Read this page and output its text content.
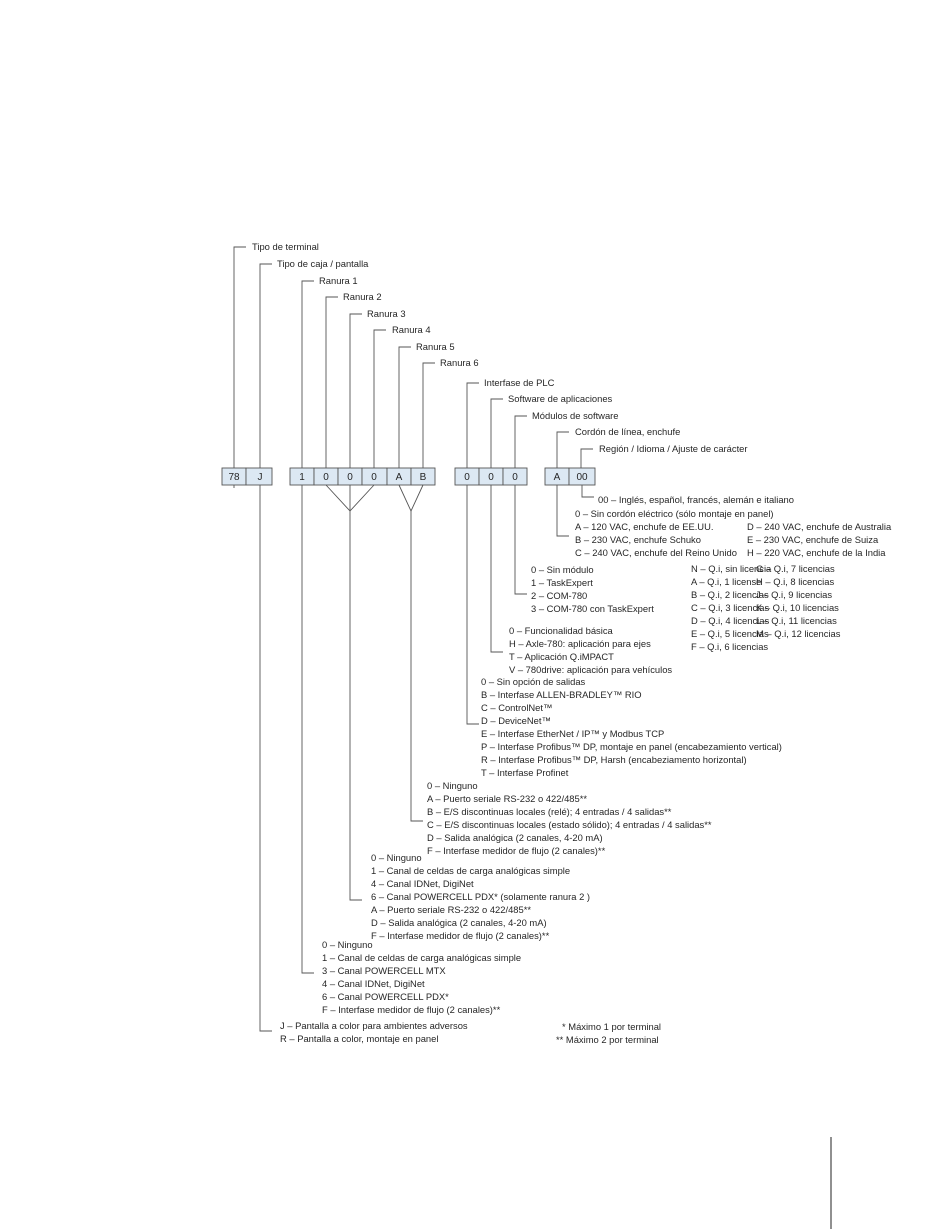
Tipo de terminal
Tipo de caja / pantalla
Ranura 1
Ranura 2
Ranura 3
Ranura 4
Ranura 5
Ranura 6
Interfase de PLC
Software de aplicaciones
Módulos de software
Cordón de línea, enchufe
Región / Idioma / Ajuste de carácter
78 J	1 0 0 0 A B	0 0 0	A 00
00 – Inglés, español, francés, alemán e italiano
0 – Sin cordón eléctrico (sólo montaje en panel)
A – 120 VAC, enchufe de EE.UU.
B – 230 VAC, enchufe Schuko
C – 240 VAC, enchufe del Reino Unido
D – 240 VAC, enchufe de Australia
E – 230 VAC, enchufe de Suiza
H – 220 VAC, enchufe de la India
0 – Sin módulo
1 – TaskExpert
2 – COM-780
3 – COM-780 con TaskExpert
N – Q.i, sin licencia
A – Q.i, 1 license
B – Q.i, 2 licencias
C – Q.i, 3 licencias
D – Q.i, 4 licencias
E – Q.i, 5 licencias
F – Q.i, 6 licencias
G – Q.i, 7 licencias
H – Q.i, 8 licencias
J – Q.i, 9 licencias
K – Q.i, 10 licencias
L – Q.i, 11 licencias
M – Q.i, 12 licencias
0 – Funcionalidad básica
H – Axle-780: aplicación para ejes
T – Aplicación Q.iMPACT
V – 780drive: aplicación para vehículos
0 – Sin opción de salidas
B – Interfase ALLEN-BRADLEY™ RIO
C – ControlNet™
D – DeviceNet™
E – Interfase EtherNet / IP™ y Modbus TCP
P – Interfase Profibus™ DP, montaje en panel (encabezamiento vertical)
R – Interfase Profibus™ DP, Harsh (encabeziamento horizontal)
T – Interfase Profinet
0 – Ninguno
A – Puerto seriale RS-232 o 422/485**
B – E/S discontinuas locales (relé); 4 entradas / 4 salidas**
C – E/S discontinuas locales (estado sólido); 4 entradas / 4 salidas**
D – Salida analógica (2 canales, 4-20 mA)
F – Interfase medidor de flujo (2 canales)**
0 – Ninguno
1 – Canal de celdas de carga analógicas simple
4 – Canal IDNet, DigiNet
6 – Canal POWERCELL PDX* (solamente ranura 2 )
A – Puerto seriale RS-232 o 422/485**
D – Salida analógica (2 canales, 4-20 mA)
F – Interfase medidor de flujo (2 canales)**
0 – Ninguno
1 – Canal de celdas de carga analógicas simple
3 – Canal POWERCELL MTX
4 – Canal IDNet, DigiNet
6 – Canal POWERCELL PDX*
F – Interfase medidor de flujo (2 canales)**
J – Pantalla a color para ambientes adversos
R – Pantalla a color, montaje en panel
* Máximo 1 por terminal
** Máximo 2 por terminal
